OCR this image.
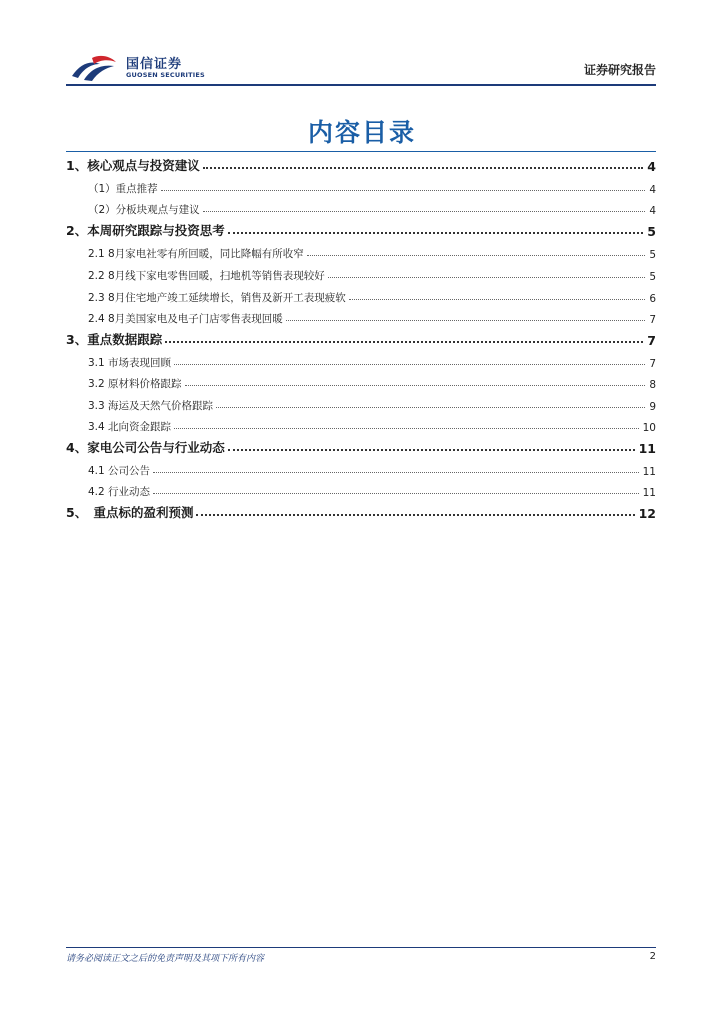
国信证券
GUOSEN SECURITIES	证券研究报告
内容目录
1、核心观点与投资建议	4
（1）重点推荐	4
（2）分板块观点与建议	4
2、本周研究跟踪与投资思考	5
2.1 8月家电社零有所回暖，同比降幅有所收窄	5
2.2 8月线下家电零售回暖，扫地机等销售表现较好	5
2.3 8月住宅地产竣工延续增长，销售及新开工表现疲软	6
2.4 8月美国家电及电子门店零售表现回暖	7
3、重点数据跟踪	7
3.1 市场表现回顾	7
3.2 原材料价格跟踪	8
3.3 海运及天然气价格跟踪	9
3.4 北向资金跟踪	10
4、家电公司公告与行业动态	11
4.1 公司公告	11
4.2 行业动态	11
5、　重点标的盈利预测	12
请务必阅读正文之后的免责声明及其项下所有内容	2
